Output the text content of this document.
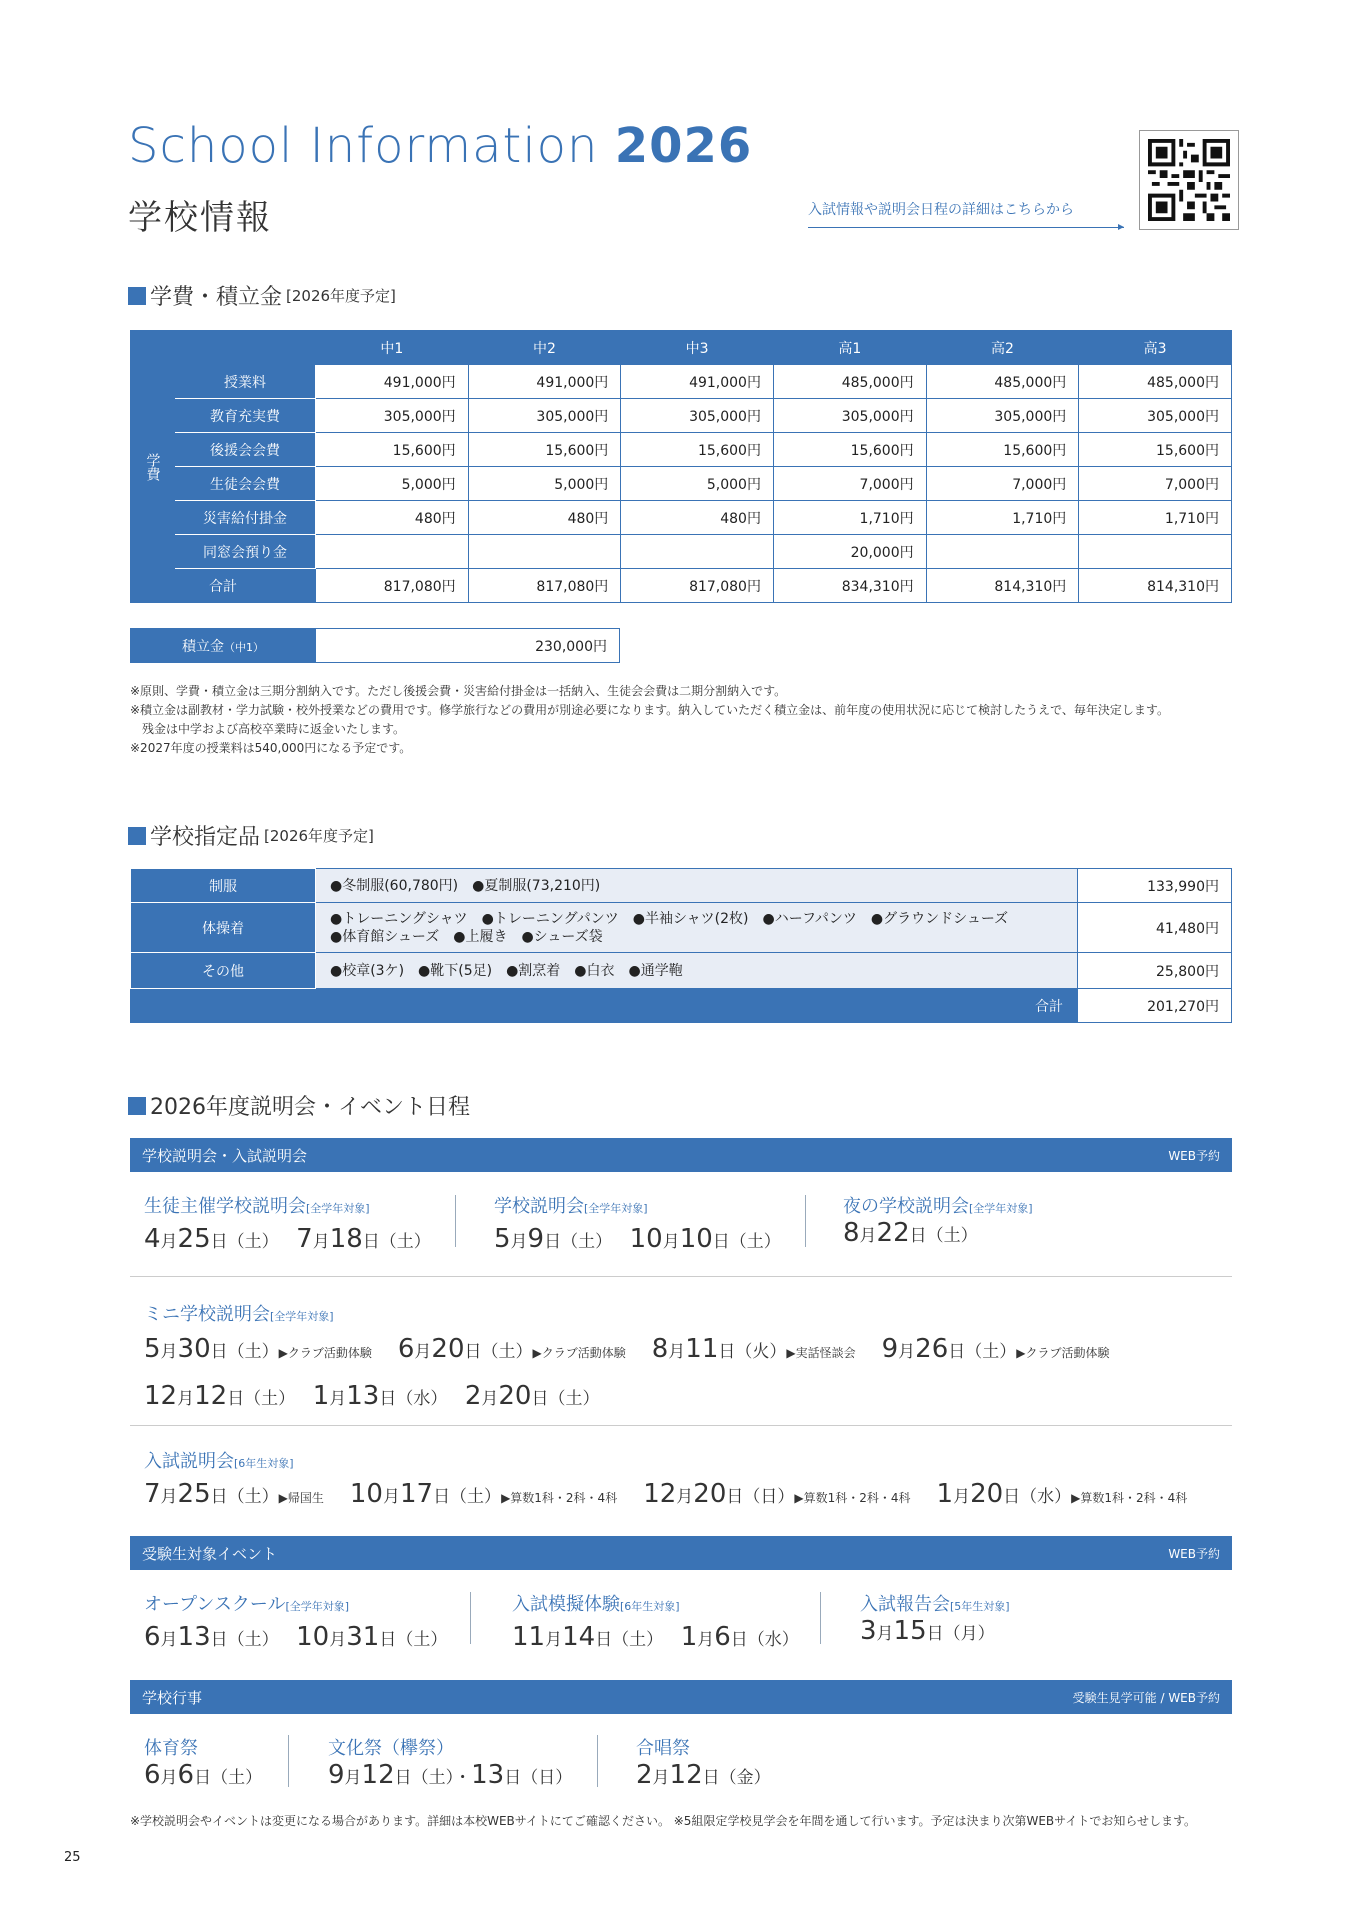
School Information 2026
学校情報	入試情報や説明会日程の詳細はこちらから
学費・積立金 [2026年度予定]
		中1	中2	中3	高1	高2	高3
学費	授業料	491,000円	491,000円	491,000円	485,000円	485,000円	485,000円
	教育充実費	305,000円	305,000円	305,000円	305,000円	305,000円	305,000円
	後援会会費	15,600円	15,600円	15,600円	15,600円	15,600円	15,600円
	生徒会会費	5,000円	5,000円	5,000円	7,000円	7,000円	7,000円
	災害給付掛金	480円	480円	480円	1,710円	1,710円	1,710円
	同窓会預り金				20,000円		
合計		817,080円	817,080円	817,080円	834,310円	814,310円	814,310円
積立金（中1）	230,000円
※原則、学費・積立金は三期分割納入です。ただし後援会費・災害給付掛金は一括納入、生徒会会費は二期分割納入です。
※積立金は副教材・学力試験・校外授業などの費用です。修学旅行などの費用が別途必要になります。納入していただく積立金は、前年度の使用状況に応じて検討したうえで、毎年決定します。
　残金は中学および高校卒業時に返金いたします。
※2027年度の授業料は540,000円になる予定です。
学校指定品 [2026年度予定]
制服	●冬制服(60,780円)　●夏制服(73,210円)	133,990円
体操着	●トレーニングシャツ　●トレーニングパンツ　●半袖シャツ(2枚)　●ハーフパンツ　●グラウンドシューズ
●体育館シューズ　●上履き　●シューズ袋	41,480円
その他	●校章(3ケ)　●靴下(5足)　●割烹着　●白衣　●通学鞄	25,800円
	合計	201,270円
2026年度説明会・イベント日程
学校説明会・入試説明会	WEB予約
生徒主催学校説明会[全学年対象]
4月25日（土）　7月18日（土）
学校説明会[全学年対象]
5月9日（土）　10月10日（土）
夜の学校説明会[全学年対象]
8月22日（土）
ミニ学校説明会[全学年対象]
5月30日（土）▶クラブ活動体験　6月20日（土）▶クラブ活動体験　8月11日（火）▶実話怪談会　9月26日（土）▶クラブ活動体験
12月12日（土）　1月13日（水）　2月20日（土）
入試説明会[6年生対象]
7月25日（土）▶帰国生　10月17日（土）▶算数1科・2科・4科　12月20日（日）▶算数1科・2科・4科　1月20日（水）▶算数1科・2科・4科
受験生対象イベント	WEB予約
オープンスクール[全学年対象]
6月13日（土）　10月31日（土）
入試模擬体験[6年生対象]
11月14日（土）　1月6日（水）
入試報告会[5年生対象]
3月15日（月）
学校行事	受験生見学可能 / WEB予約
体育祭
6月6日（土）
文化祭（欅祭）
9月12日（土）・13日（日）
合唱祭
2月12日（金）
※学校説明会やイベントは変更になる場合があります。詳細は本校WEBサイトにてご確認ください。 ※5組限定学校見学会を年間を通して行います。予定は決まり次第WEBサイトでお知らせします。
25
